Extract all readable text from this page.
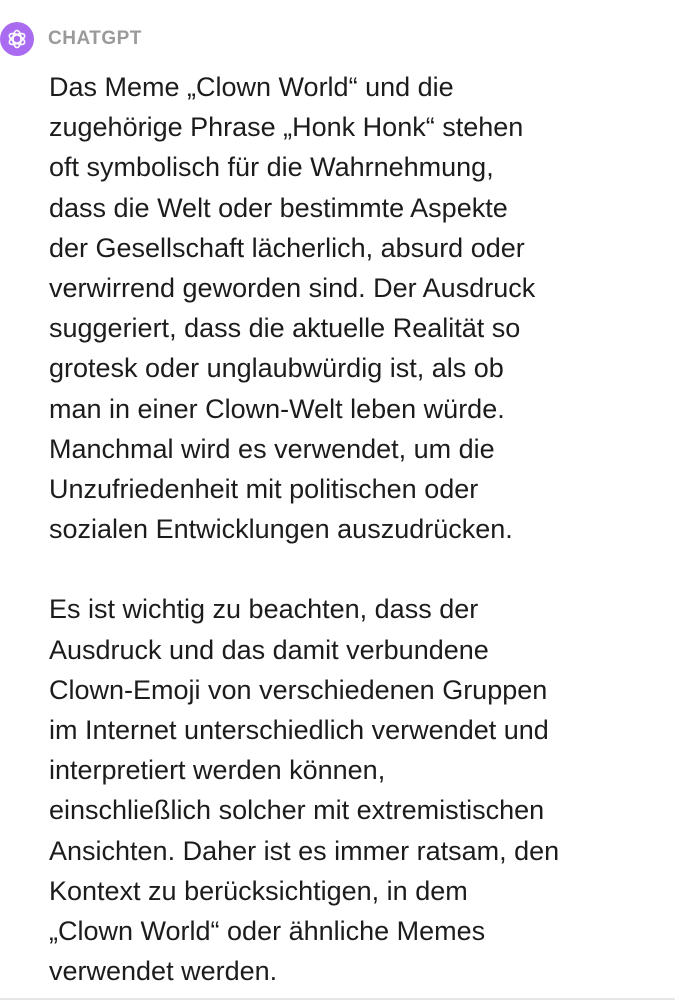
CHATGPT

Das Meme „Clown World“ und die
zugehörige Phrase „Honk Honk“ stehen
oft symbolisch für die Wahrnehmung,
dass die Welt oder bestimmte Aspekte
der Gesellschaft lächerlich, absurd oder
verwirrend geworden sind. Der Ausdruck
suggeriert, dass die aktuelle Realität so
grotesk oder unglaubwürdig ist, als ob
man in einer Clown-Welt leben würde.
Manchmal wird es verwendet, um die
Unzufriedenheit mit politischen oder
sozialen Entwicklungen auszudrücken.

Es ist wichtig zu beachten, dass der
Ausdruck und das damit verbundene
Clown-Emoji von verschiedenen Gruppen
im Internet unterschiedlich verwendet und
interpretiert werden können,
einschließlich solcher mit extremistischen
Ansichten. Daher ist es immer ratsam, den
Kontext zu berücksichtigen, in dem
„Clown World“ oder ähnliche Memes
verwendet werden.
